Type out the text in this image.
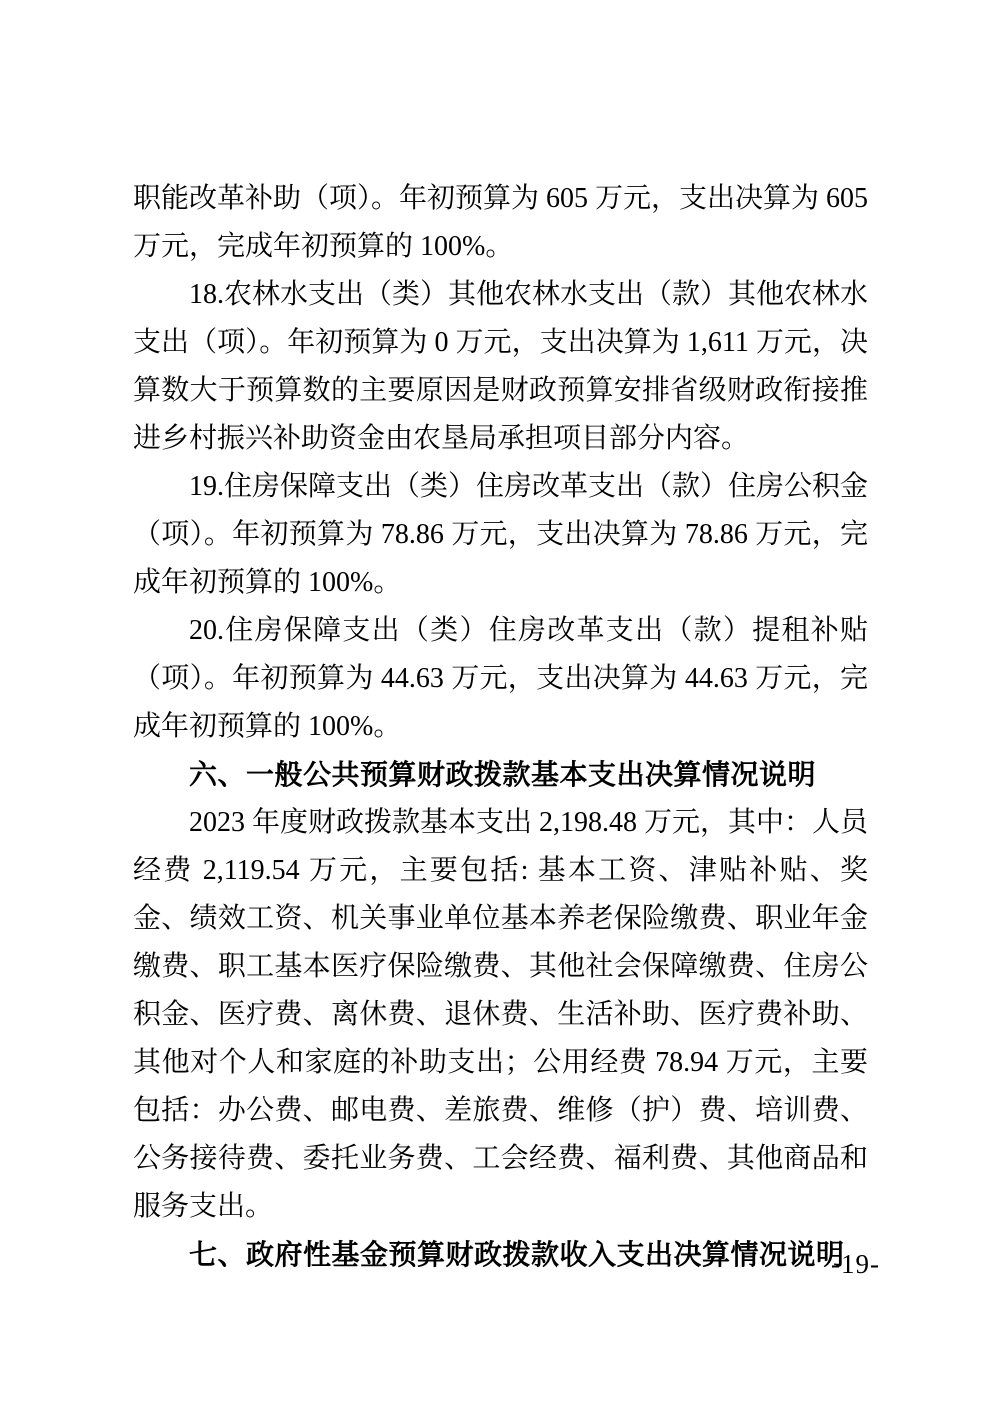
职能改革补助（项）。年初预算为 605 万元，支出决算为 605 万元，完成年初预算的 100%。

18.农林水支出（类）其他农林水支出（款）其他农林水支出（项）。年初预算为 0 万元，支出决算为 1,611 万元，决算数大于预算数的主要原因是财政预算安排省级财政衔接推进乡村振兴补助资金由农垦局承担项目部分内容。

19.住房保障支出（类）住房改革支出（款）住房公积金（项）。年初预算为 78.86 万元，支出决算为 78.86 万元，完成年初预算的 100%。

20.住房保障支出（类）住房改革支出（款）提租补贴（项）。年初预算为 44.63 万元，支出决算为 44.63 万元，完成年初预算的 100%。

六、一般公共预算财政拨款基本支出决算情况说明

2023 年度财政拨款基本支出 2,198.48 万元，其中：人员经费 2,119.54 万元，主要包括: 基本工资、津贴补贴、奖金、绩效工资、机关事业单位基本养老保险缴费、职业年金缴费、职工基本医疗保险缴费、其他社会保障缴费、住房公积金、医疗费、离休费、退休费、生活补助、医疗费补助、其他对个人和家庭的补助支出；公用经费 78.94 万元，主要包括：办公费、邮电费、差旅费、维修（护）费、培训费、公务接待费、委托业务费、工会经费、福利费、其他商品和服务支出。

七、政府性基金预算财政拨款收入支出决算情况说明

-19-
